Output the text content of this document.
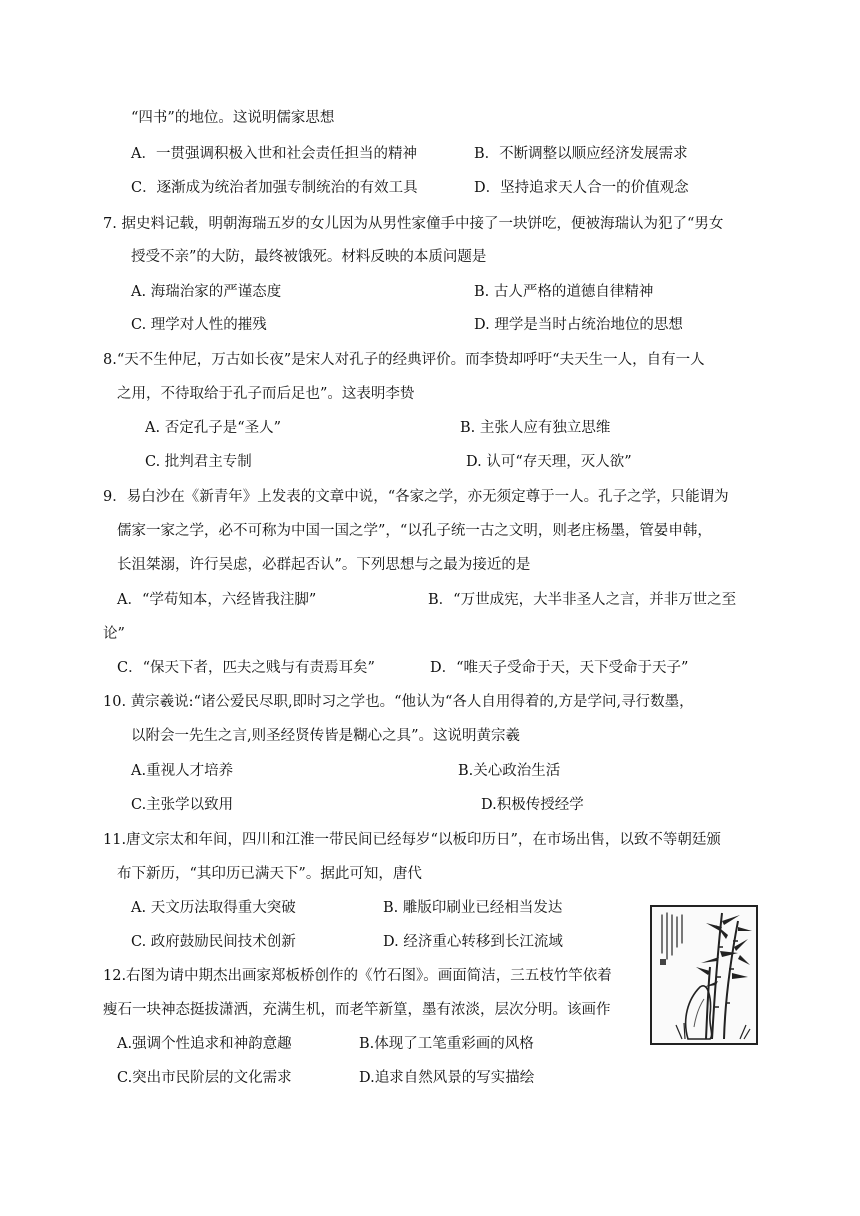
“四书”的地位。这说明儒家思想
A．一贯强调积极入世和社会责任担当的精神	B．不断调整以顺应经济发展需求
C．逐渐成为统治者加强专制统治的有效工具	D．坚持追求天人合一的价值观念
7. 据史料记载，明朝海瑞五岁的女儿因为从男性家僮手中接了一块饼吃，便被海瑞认为犯了“男女
授受不亲”的大防，最终被饿死。材料反映的本质问题是
A. 海瑞治家的严谨态度	B. 古人严格的道德自律精神
C. 理学对人性的摧残	D. 理学是当时占统治地位的思想
8.“天不生仲尼，万古如长夜”是宋人对孔子的经典评价。而李贽却呼吁“夫天生一人，自有一人
之用，不待取给于孔子而后足也”。这表明李贽
A. 否定孔子是“圣人”	B. 主张人应有独立思维
C. 批判君主专制	D. 认可“存天理，灭人欲”
9．易白沙在《新青年》上发表的文章中说，“各家之学，亦无须定尊于一人。孔子之学，只能谓为
儒家一家之学，必不可称为中国一国之学”，“以孔子统一古之文明，则老庄杨墨，管晏申韩，
长沮桀溺，许行吴虑，必群起否认”。下列思想与之最为接近的是
A．“学苟知本，六经皆我注脚”	B．“万世成宪，大半非圣人之言，并非万世之至
论”
C．“保天下者，匹夫之贱与有责焉耳矣”	D．“唯天子受命于天，天下受命于天子”
10. 黄宗羲说:“诸公爱民尽职,即时习之学也。“他认为“各人自用得着的,方是学问,寻行数墨，
以附会一先生之言,则圣经贤传皆是糊心之具”。这说明黄宗羲
A.重视人才培养	B.关心政治生活
C.主张学以致用	D.积极传授经学
11.唐文宗太和年间，四川和江淮一带民间已经每岁“以板印历日”，在市场出售，以致不等朝廷颁
布下新历，“其印历已满天下”。据此可知，唐代
A. 天文历法取得重大突破	B. 雕版印刷业已经相当发达
C. 政府鼓励民间技术创新	D. 经济重心转移到长江流域
12.右图为请中期杰出画家郑板桥创作的《竹石图》。画面简洁，三五枝竹竿依着
瘦石一块神态挺拔潇洒，充满生机，而老竿新篁，墨有浓淡，层次分明。该画作
A.强调个性追求和神韵意趣	B.体现了工笔重彩画的风格
C.突出市民阶层的文化需求	D.追求自然风景的写实描绘
